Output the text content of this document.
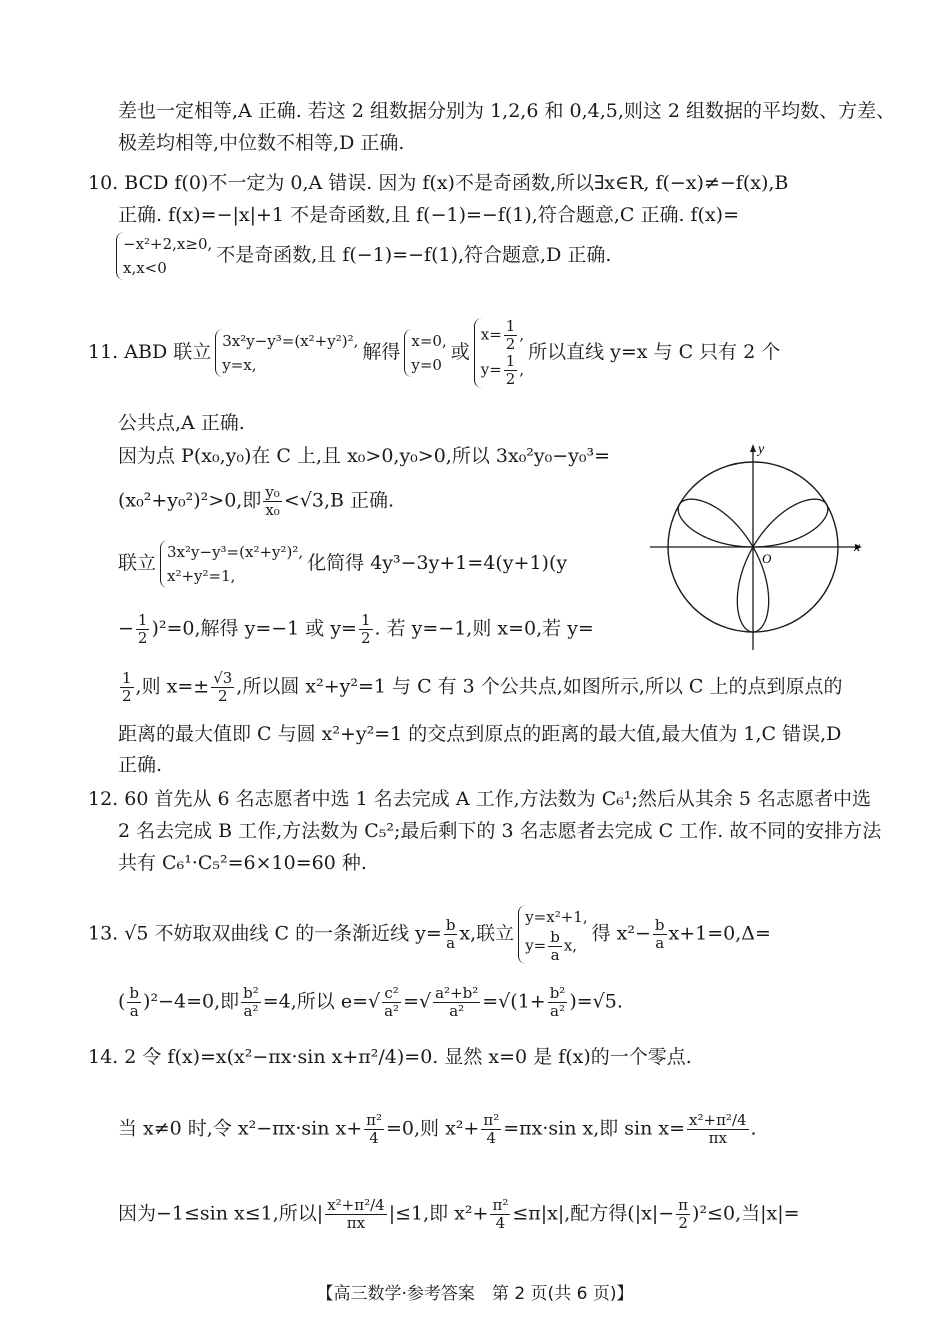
差也一定相等,A 正确. 若这 2 组数据分别为 1,2,6 和 0,4,5,则这 2 组数据的平均数、方差、
极差均相等,中位数不相等,D 正确.
10. BCD f(0)不一定为 0,A 错误. 因为 f(x)不是奇函数,所以∃x∈R, f(−x)≠−f(x),B
正确. f(x)=−|x|+1 不是奇函数,且 f(−1)=−f(1),符合题意,C 正确. f(x)=
−x²+2,x≥0,
x,x<0
不是奇函数,且 f(−1)=−f(1),符合题意,D 正确.
11. ABD 联立 3x²y−y³=(x²+y²)²,
y=x,
解得 x=0,
y=0
或
$x= \frac{1}{2}$ ,
$y= \frac{1}{2}$ ,
所以直线 y=x 与 C 只有 2 个
公共点,A 正确.
因为点 P(x₀,y₀)在 C 上,且 x₀>0,y₀>0,所以 3x₀²y₀−y₀³=
(x₀²+y₀²)²>0,即 $\frac{\text{y₀}}{\text{x₀}} <√3,B$ 正确.
联立 3x²y−y³=(x²+y²)²,
x²+y²=1,
化简得 4y³−3y+1=4(y+1)(y
− $\frac{1}{2} )^2=0$,解得 y=−1 或 $y= \frac{1}{2}$ . 若 y=−1,则 x=0,若 y=
$\frac{1}{2}$ ,则 $x=\pm \frac{√3}{2}$ ,所以圆 x²+y²=1 与 C 有 3 个公共点,如图所示,所以 C 上的点到原点的
距离的最大值即 C 与圆 x²+y²=1 的交点到原点的距离的最大值,最大值为 1,C 错误,D
正确.
12. 60 首先从 6 名志愿者中选 1 名去完成 A 工作,方法数为 C₆¹;然后从其余 5 名志愿者中选
2 名去完成 B 工作,方法数为 C₅²;最后剩下的 3 名志愿者去完成 C 工作. 故不同的安排方法
共有 C₆¹·C₅²=6×10=60 种.
13. √5 不妨取双曲线 C 的一条渐近线 $y= \frac{b}{a} x$,联立
y=x²+1,
$y= \frac{b}{a} x$,
得 $x^2- \frac{b}{a} x+1=0,\Delta=$
( $\frac{b}{a} )^2-4=0$,即 $\frac{\text{b²}}{\text{a²}} =4$,所以 $e=√ \frac{\text{c²}}{\text{a²}}$ =√ $\frac{\text{a²+b²}}{\text{a²}} =√(1+ \frac{\text{b²}}{\text{a²}} )=√5$.
14. 2 令 f(x)=x(x²−πx·sin x+π²/4)=0. 显然 x=0 是 f(x)的一个零点.
当 x≠0 时,令 x²−πx·sin $x+ \frac{\text{π²}}{4} =0$,则 $x^2+ \frac{\text{π²}}{4} =\pi x\cdot\sin$ x,即 $\sin x= \frac{\text{x²+π²/4}}{\pi x}$ .
因为−1≤sin x≤1,所以| $\frac{\text{x²+π²/4}}{\pi x} |\le 1$,即 $x^2+ \frac{\text{π²}}{4} \le\pi|x|$,配方得$(|x|- \frac{\pi}{2} )^2\le 0$,当|x|=
x
y
O
【高三数学·参考答案　第 2 页(共 6 页)】
